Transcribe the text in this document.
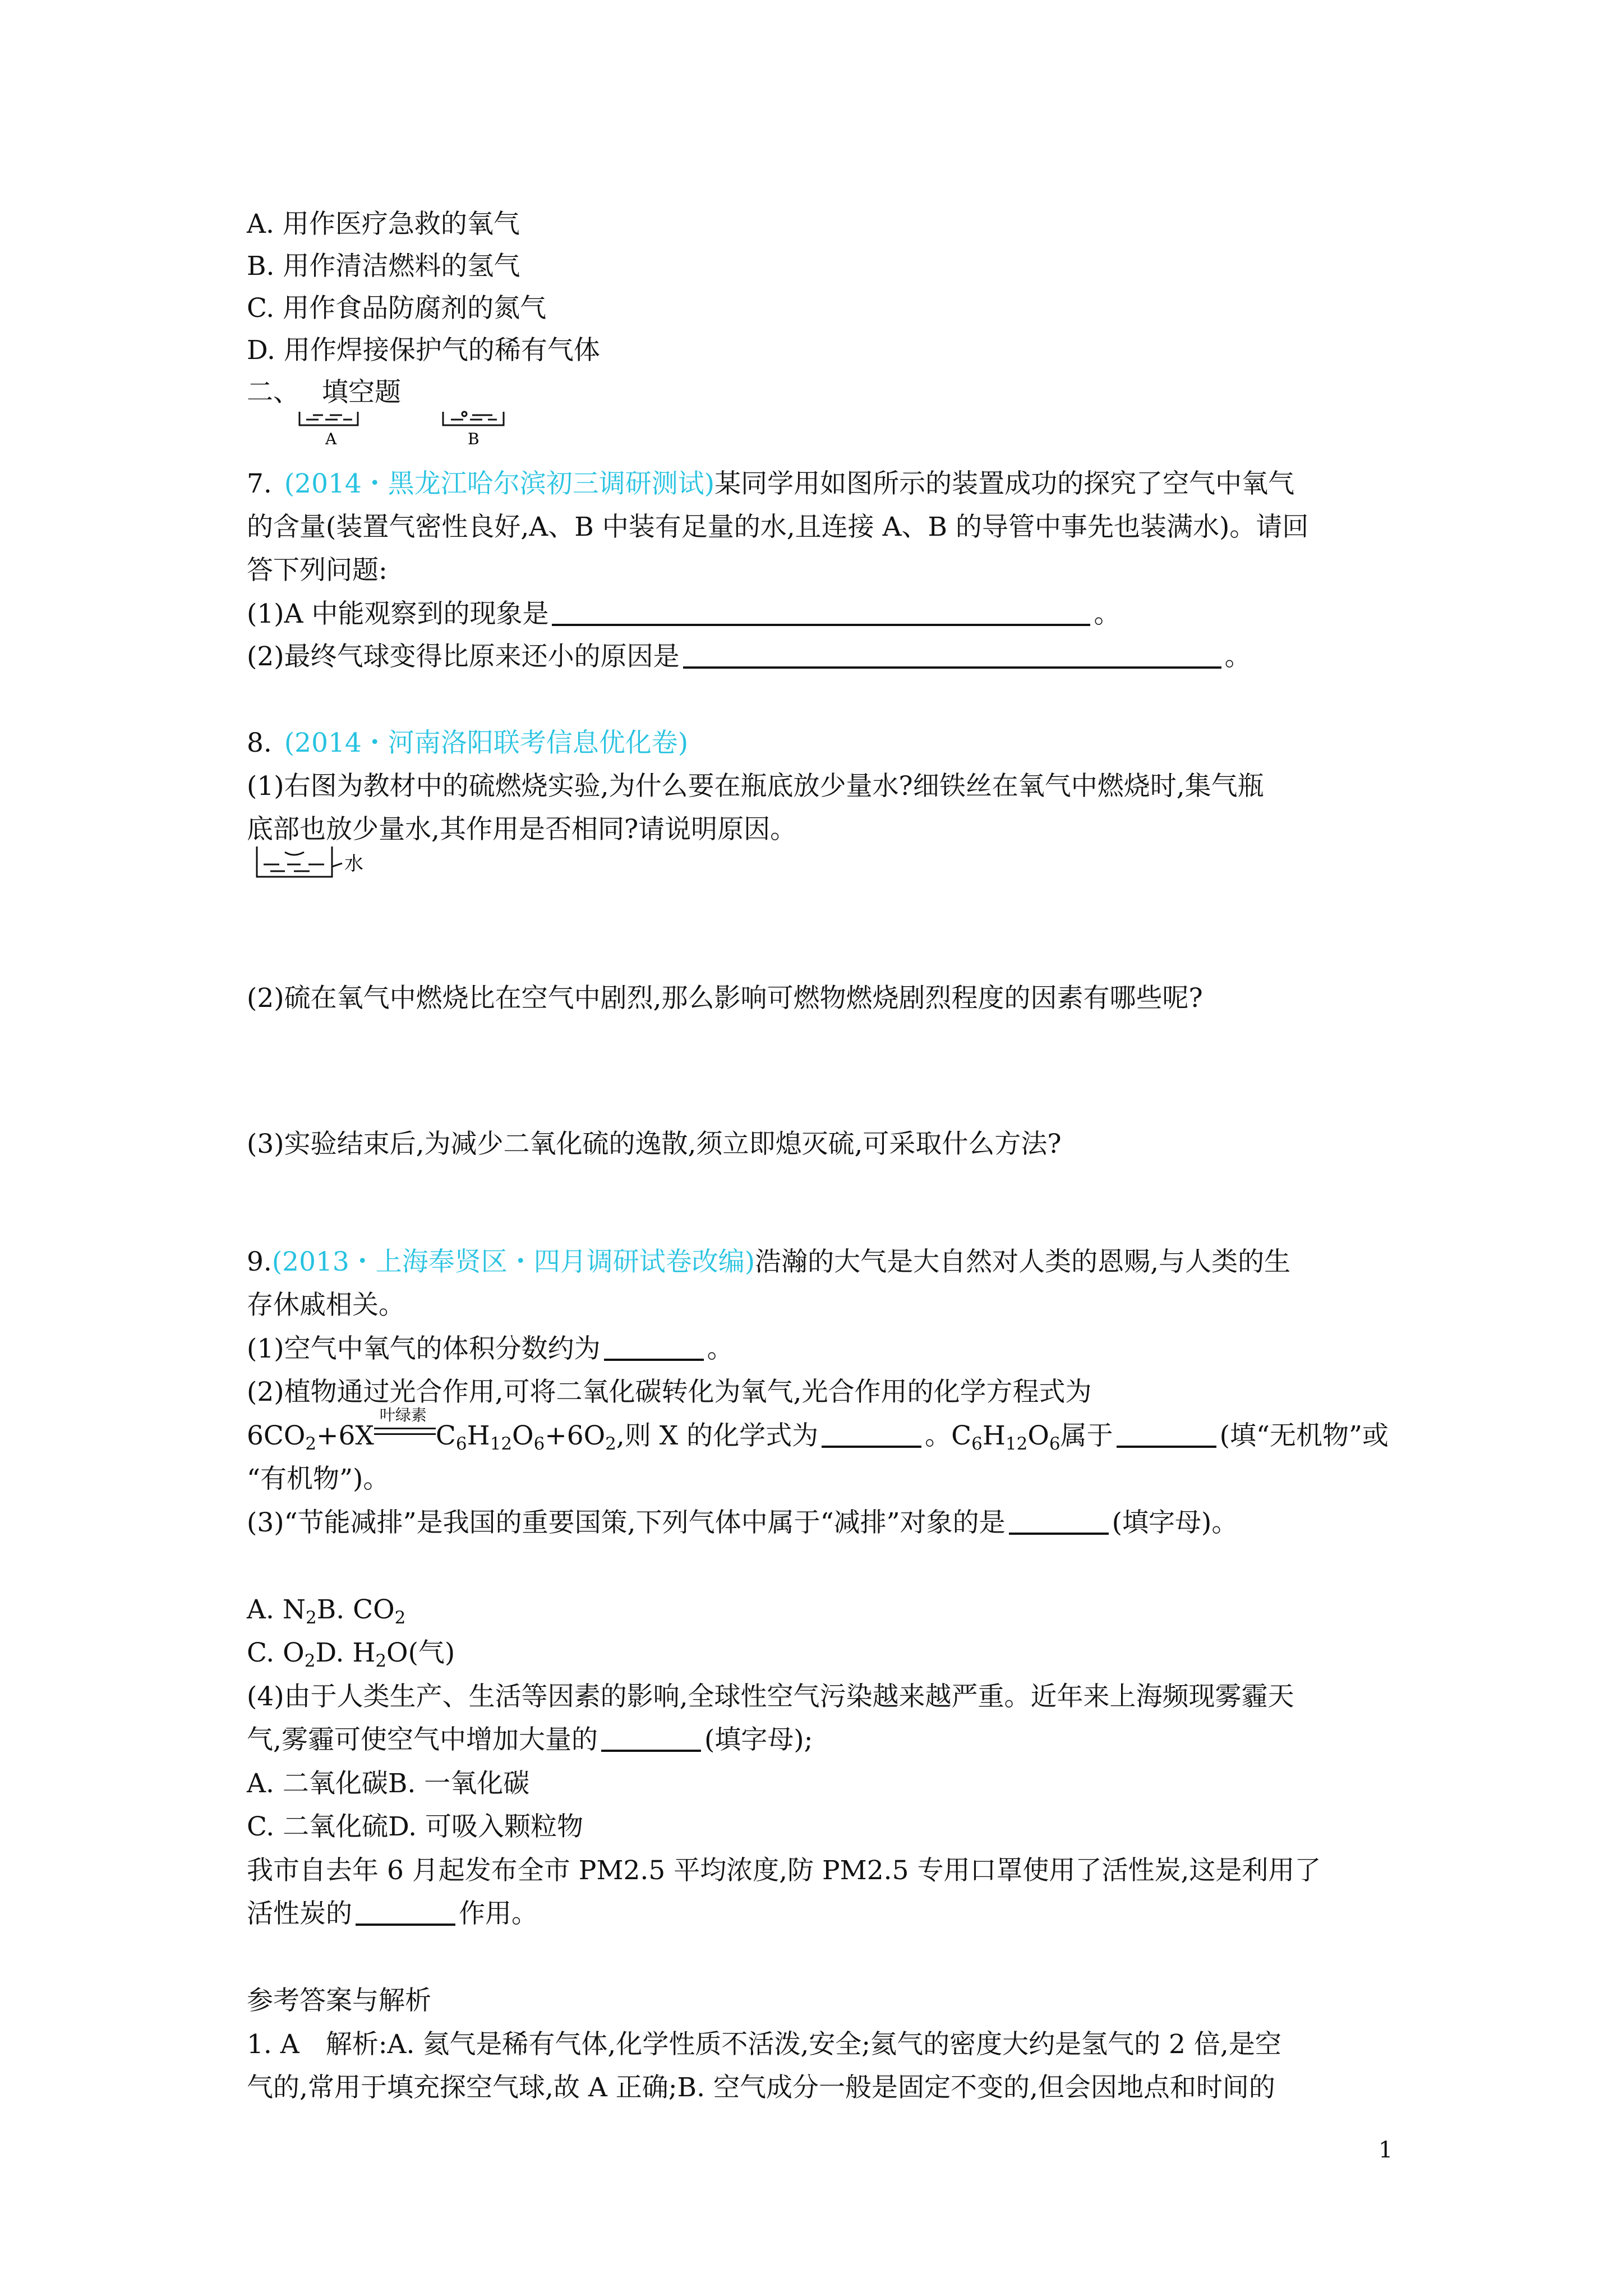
A. 用作医疗急救的氧气
B. 用作清洁燃料的氢气
C. 用作食品防腐剂的氮气
D. 用作焊接保护气的稀有气体
二、 填空题
A	B
7. (2014・黑龙江哈尔滨初三调研测试)某同学用如图所示的装置成功的探究了空气中氧气
的含量(装置气密性良好,A、B 中装有足量的水,且连接 A、B 的导管中事先也装满水)。请回
答下列问题:
(1)A 中能观察到的现象是	。
(2)最终气球变得比原来还小的原因是	。
8. (2014・河南洛阳联考信息优化卷)
(1)右图为教材中的硫燃烧实验,为什么要在瓶底放少量水?细铁丝在氧气中燃烧时,集气瓶
底部也放少量水,其作用是否相同?请说明原因。
水
(2)硫在氧气中燃烧比在空气中剧烈,那么影响可燃物燃烧剧烈程度的因素有哪些呢?
(3)实验结束后,为减少二氧化硫的逸散,须立即熄灭硫,可采取什么方法?
9.(2013・上海奉贤区・四月调研试卷改编)浩瀚的大气是大自然对人类的恩赐,与人类的生
存休戚相关。
(1)空气中氧气的体积分数约为	。
(2)植物通过光合作用,可将二氧化碳转化为氧气,光合作用的化学方程式为
$6CO_2+6X$
叶绿素
$C_6H_{12}O_6+6O_2$,则 X 的化学式为	。$C_6H_{12}O_6$属于	(填“无机物”或
“有机物”)。
(3)“节能减排”是我国的重要国策,下列气体中属于“减排”对象的是	(填字母)。
A. $N_2B$. $CO_2$
C. $O_2D$. $H_2O$(气)
(4)由于人类生产、生活等因素的影响,全球性空气污染越来越严重。近年来上海频现雾霾天
气,雾霾可使空气中增加大量的	(填字母);
A. 二氧化碳B. 一氧化碳
C. 二氧化硫D. 可吸入颗粒物
我市自去年 6 月起发布全市 PM2.5 平均浓度,防 PM2.5 专用口罩使用了活性炭,这是利用了
活性炭的	作用。
参考答案与解析
1. A　解析:A. 氦气是稀有气体,化学性质不活泼,安全;氦气的密度大约是氢气的 2 倍,是空
气的,常用于填充探空气球,故 A 正确;B. 空气成分一般是固定不变的,但会因地点和时间的
1
